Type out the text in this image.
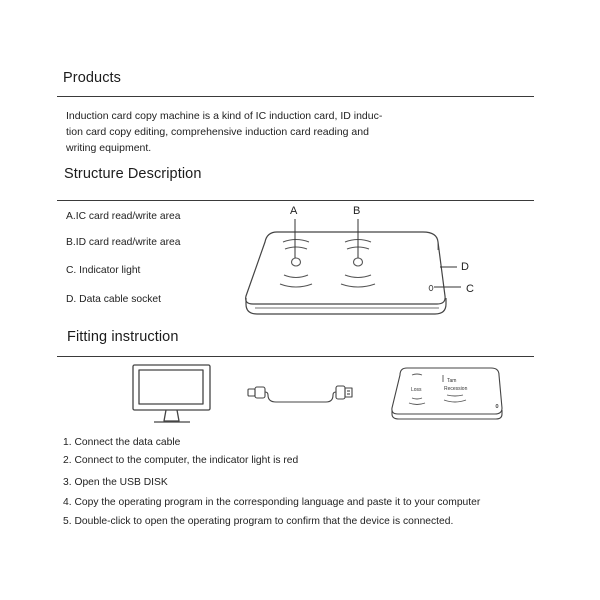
Products
Induction card copy machine is a kind of IC induction card, ID induc-
tion card copy editing, comprehensive induction card reading and
writing equipment.
Structure Description
A.IC card read/write area
B.ID card read/write area
C. Indicator light
D. Data cable socket
A	B
D
C
Fitting instruction
Loss
Tam
Recession
1. Connect the data cable
2. Connect to the computer, the indicator light is red
3. Open the USB DISK
4. Copy the operating program in the corresponding language and paste it to your computer
5. Double-click to open the operating program to confirm that the device is connected.
